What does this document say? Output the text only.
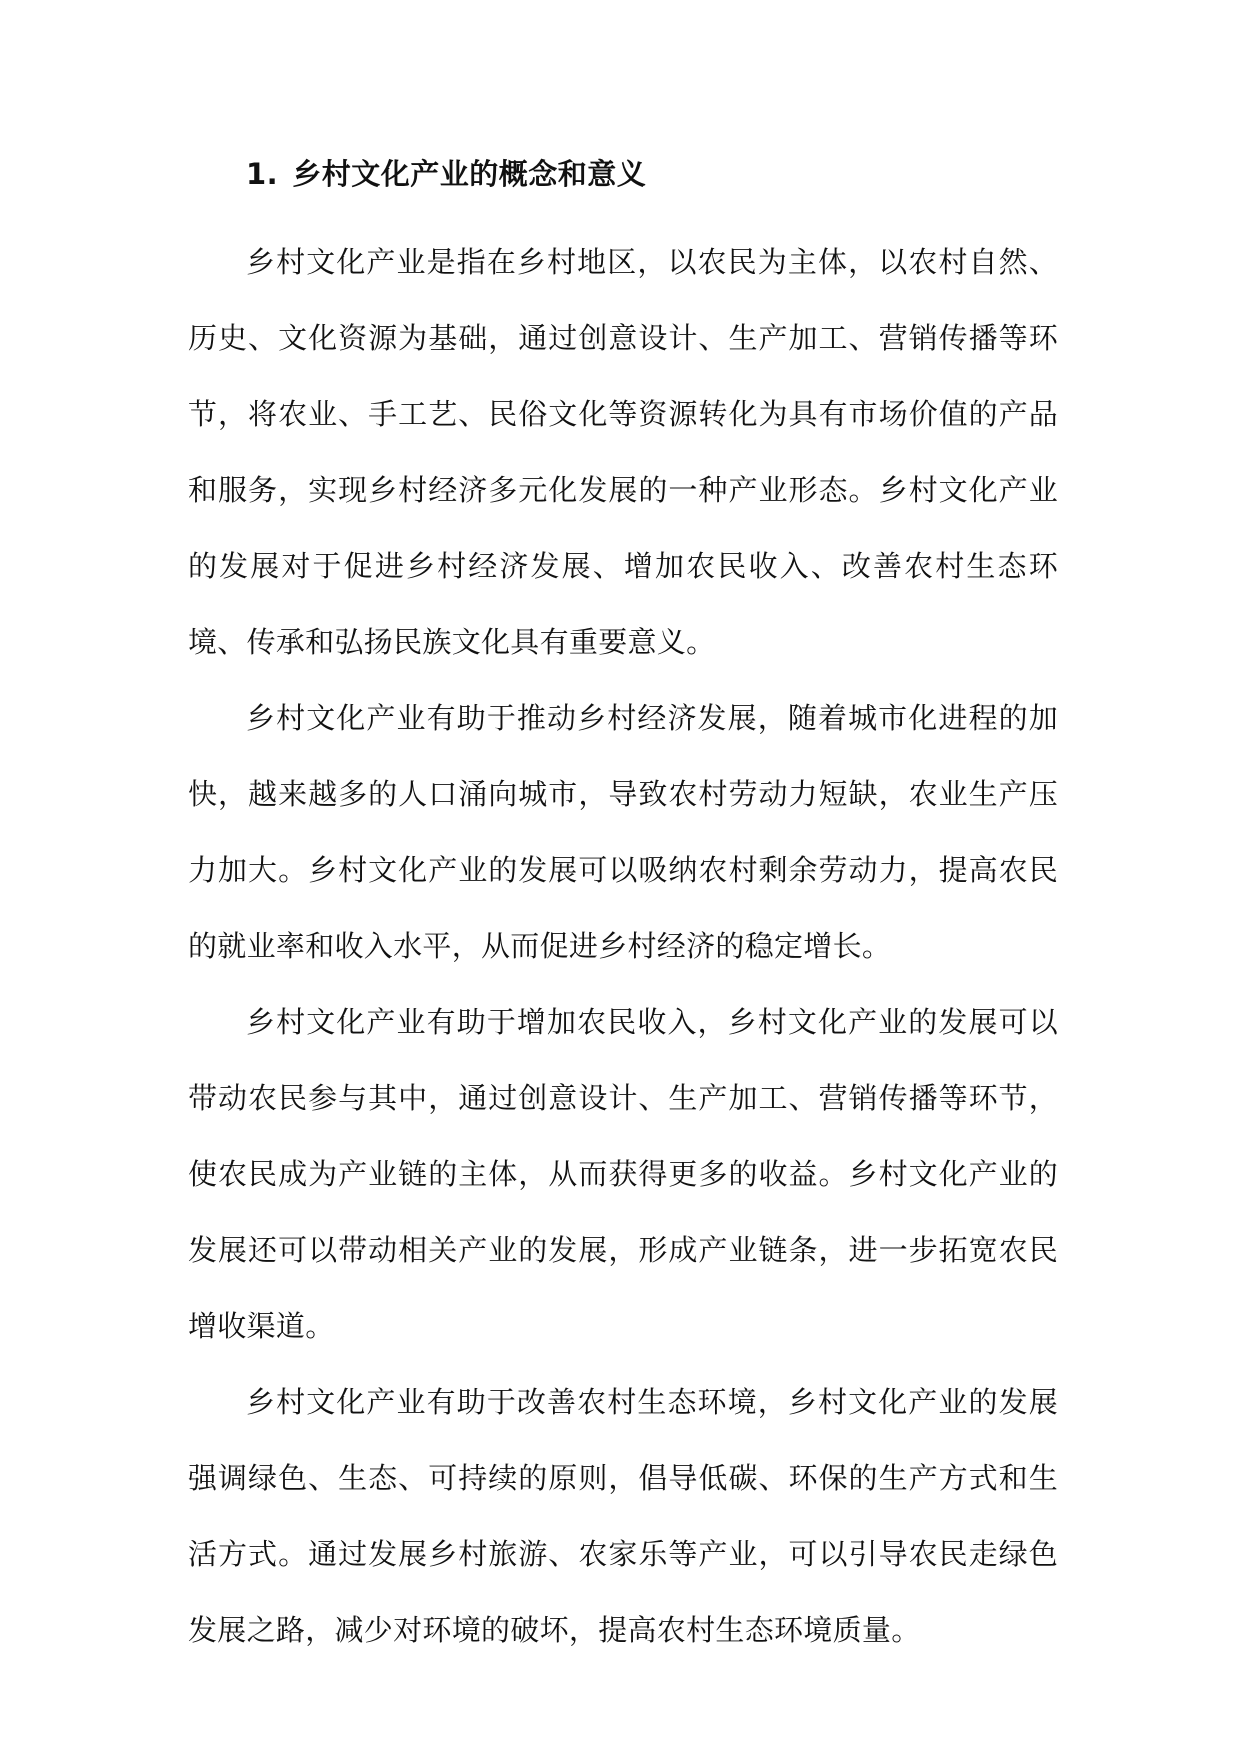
1. 乡村文化产业的概念和意义

乡村文化产业是指在乡村地区，以农民为主体，以农村自然、历史、文化资源为基础，通过创意设计、生产加工、营销传播等环节，将农业、手工艺、民俗文化等资源转化为具有市场价值的产品和服务，实现乡村经济多元化发展的一种产业形态。乡村文化产业的发展对于促进乡村经济发展、增加农民收入、改善农村生态环境、传承和弘扬民族文化具有重要意义。

乡村文化产业有助于推动乡村经济发展，随着城市化进程的加快，越来越多的人口涌向城市，导致农村劳动力短缺，农业生产压力加大。乡村文化产业的发展可以吸纳农村剩余劳动力，提高农民的就业率和收入水平，从而促进乡村经济的稳定增长。

乡村文化产业有助于增加农民收入，乡村文化产业的发展可以带动农民参与其中，通过创意设计、生产加工、营销传播等环节，使农民成为产业链的主体，从而获得更多的收益。乡村文化产业的发展还可以带动相关产业的发展，形成产业链条，进一步拓宽农民增收渠道。

乡村文化产业有助于改善农村生态环境，乡村文化产业的发展强调绿色、生态、可持续的原则，倡导低碳、环保的生产方式和生活方式。通过发展乡村旅游、农家乐等产业，可以引导农民走绿色发展之路，减少对环境的破坏，提高农村生态环境质量。
